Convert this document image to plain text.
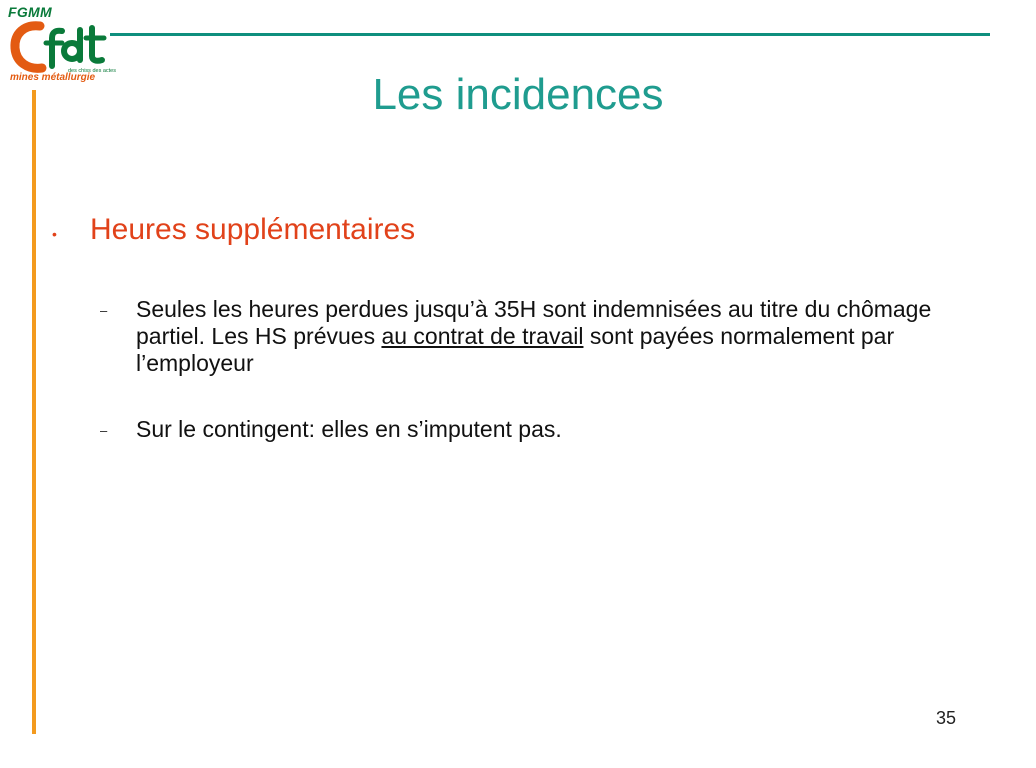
FGMM
des chiss des actes
mines métallurgie	Les incidences
• Heures supplémentaires
– Seules les heures perdues jusqu’à 35H sont indemnisées au titre du chômage partiel. Les HS prévues au contrat de travail sont payées normalement par l’employeur
– Sur le contingent: elles en s’imputent pas.
35
